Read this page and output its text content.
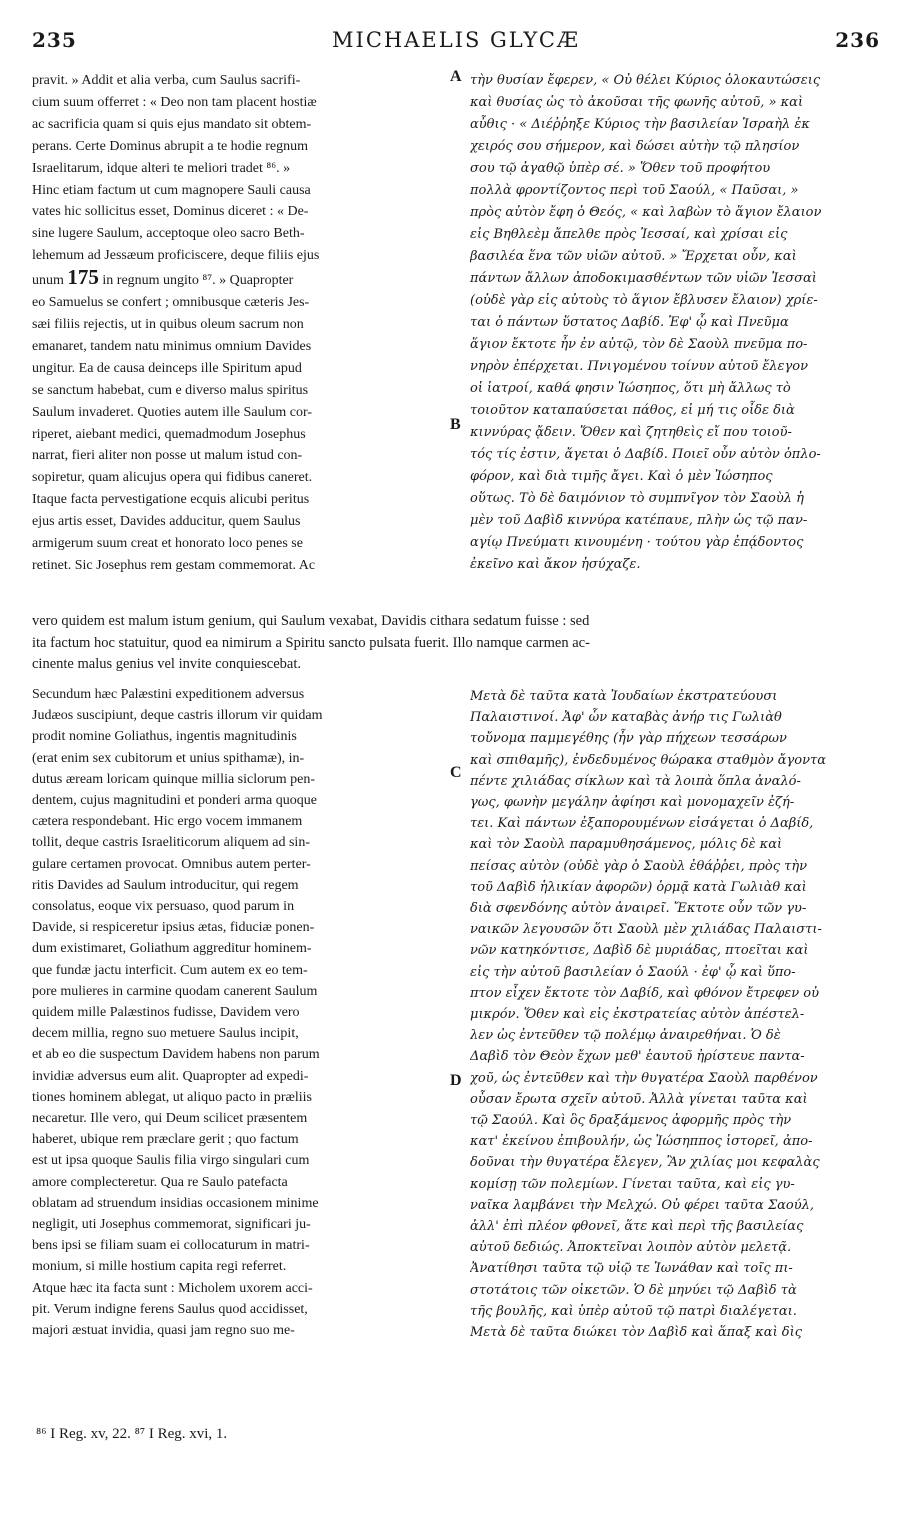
235	MICHAELIS GLYCÆ	236
A
B
C
D
pravit. » Addit et alia verba, cum Saulus sacrifi-
cium suum offerret : « Deo non tam placent hostiæ
ac sacrificia quam si quis ejus mandato sit obtem-
perans. Certe Dominus abrupit a te hodie regnum
Israelitarum, idque alteri te meliori tradet ⁸⁶. »
Hinc etiam factum ut cum magnopere Sauli causa
vates hic sollicitus esset, Dominus diceret : « De-
sine lugere Saulum, acceptoque oleo sacro Beth-
lehemum ad Jessæum proficiscere, deque filiis ejus
unum 175 in regnum ungito ⁸⁷. » Quapropter
eo Samuelus se confert ; omnibusque cæteris Jes-
sæi filiis rejectis, ut in quibus oleum sacrum non
emanaret, tandem natu minimus omnium Davides
ungitur. Ea de causa deinceps ille Spiritum apud
se sanctum habebat, cum e diverso malus spiritus
Saulum invaderet. Quoties autem ille Saulum cor-
riperet, aiebant medici, quemadmodum Josephus
narrat, fieri aliter non posse ut malum istud con-
sopiretur, quam alicujus opera qui fidibus caneret.
Itaque facta pervestigatione ecquis alicubi peritus
ejus artis esset, Davides adducitur, quem Saulus
armigerum suum creat et honorato loco penes se
retinet. Sic Josephus rem gestam commemorat. Ac
τὴν θυσίαν ἔφερεν, « Οὐ θέλει Κύριος ὁλοκαυτώσεις
καὶ θυσίας ὡς τὸ ἀκοῦσαι τῆς φωνῆς αὐτοῦ, » καὶ
αὖθις · « Διέῤῥηξε Κύριος τὴν βασιλείαν Ἰσραὴλ ἐκ
χειρός σου σήμερον, καὶ δώσει αὐτὴν τῷ πλησίον
σου τῷ ἀγαθῷ ὑπὲρ σέ. » Ὅθεν τοῦ προφήτου
πολλὰ φροντίζοντος περὶ τοῦ Σαούλ, « Παῦσαι, »
πρὸς αὐτὸν ἔφη ὁ Θεός, « καὶ λαβὼν τὸ ἅγιον ἔλαιον
εἰς Βηθλεὲμ ἄπελθε πρὸς Ἰεσσαί, καὶ χρίσαι εἰς
βασιλέα ἕνα τῶν υἱῶν αὐτοῦ. » Ἔρχεται οὖν, καὶ
πάντων ἄλλων ἀποδοκιμασθέντων τῶν υἱῶν Ἰεσσαὶ
(οὐδὲ γὰρ εἰς αὐτοὺς τὸ ἅγιον ἔβλυσεν ἔλαιον) χρίε-
ται ὁ πάντων ὕστατος Δαβίδ. Ἐφ' ᾧ καὶ Πνεῦμα
ἅγιον ἔκτοτε ἦν ἐν αὐτῷ, τὸν δὲ Σαοὺλ πνεῦμα πο-
νηρὸν ἐπέρχεται. Πνιγομένου τοίνυν αὐτοῦ ἔλεγον
οἱ ἰατροί, καθά φησιν Ἰώσηπος, ὅτι μὴ ἄλλως τὸ
τοιοῦτον καταπαύσεται πάθος, εἰ μή τις οἶδε διὰ
κιννύρας ᾄδειν. Ὅθεν καὶ ζητηθεὶς εἴ που τοιοῦ-
τός τίς ἐστιν, ἄγεται ὁ Δαβίδ. Ποιεῖ οὖν αὐτὸν ὁπλο-
φόρον, καὶ διὰ τιμῆς ἄγει. Καὶ ὁ μὲν Ἰώσηπος
οὕτως. Τὸ δὲ δαιμόνιον τὸ συμπνῖγον τὸν Σαοὺλ ἡ
μὲν τοῦ Δαβὶδ κιννύρα κατέπαυε, πλὴν ὡς τῷ παν-
αγίῳ Πνεύματι κινουμένη · τούτου γὰρ ἐπᾴδοντος
ἐκεῖνο καὶ ἄκον ἡσύχαζε.
vero quidem est malum istum genium, qui Saulum vexabat, Davidis cithara sedatum fuisse : sed
ita factum hoc statuitur, quod ea nimirum a Spiritu sancto pulsata fuerit. Illo namque carmen ac-
cinente malus genius vel invite conquiescebat.
Secundum hæc Palæstini expeditionem adversus
Judæos suscipiunt, deque castris illorum vir quidam
prodit nomine Goliathus, ingentis magnitudinis
(erat enim sex cubitorum et unius spithamæ), in-
dutus æream loricam quinque millia siclorum pen-
dentem, cujus magnitudini et ponderi arma quoque
cætera respondebant. Hic ergo vocem immanem
tollit, deque castris Israeliticorum aliquem ad sin-
gulare certamen provocat. Omnibus autem perter-
ritis Davides ad Saulum introducitur, qui regem
consolatus, eoque vix persuaso, quod parum in
Davide, si respiceretur ipsius ætas, fiduciæ ponen-
dum existimaret, Goliathum aggreditur hominem-
que fundæ jactu interficit. Cum autem ex eo tem-
pore mulieres in carmine quodam canerent Saulum
quidem mille Palæstinos fudisse, Davidem vero
decem millia, regno suo metuere Saulus incipit,
et ab eo die suspectum Davidem habens non parum
invidiæ adversus eum alit. Quapropter ad expedi-
tiones hominem ablegat, ut aliquo pacto in præliis
necaretur. Ille vero, qui Deum scilicet præsentem
haberet, ubique rem præclare gerit ; quo factum
est ut ipsa quoque Saulis filia virgo singulari cum
amore complecteretur. Qua re Saulo patefacta
oblatam ad struendum insidias occasionem minime
negligit, uti Josephus commemorat, significari ju-
bens ipsi se filiam suam ei collocaturum in matri-
monium, si mille hostium capita regi referret.
Atque hæc ita facta sunt : Micholem uxorem acci-
pit. Verum indigne ferens Saulus quod accidisset,
majori æstuat invidia, quasi jam regno suo me-
Μετὰ δὲ ταῦτα κατὰ Ἰουδαίων ἐκστρατεύουσι
Παλαιστινοί. Ἀφ' ὧν καταβὰς ἀνήρ τις Γωλιὰθ
τοὔνομα παμμεγέθης (ἦν γὰρ πήχεων τεσσάρων
καὶ σπιθαμῆς), ἐνδεδυμένος θώρακα σταθμὸν ἄγοντα
πέντε χιλιάδας σίκλων καὶ τὰ λοιπὰ ὅπλα ἀναλό-
γως, φωνὴν μεγάλην ἀφίησι καὶ μονομαχεῖν ἐζή-
τει. Καὶ πάντων ἐξαπορουμένων εἰσάγεται ὁ Δαβίδ,
καὶ τὸν Σαοὺλ παραμυθησάμενος, μόλις δὲ καὶ
πείσας αὐτὸν (οὐδὲ γὰρ ὁ Σαοὺλ ἐθάῤῥει, πρὸς τὴν
τοῦ Δαβὶδ ἡλικίαν ἀφορῶν) ὁρμᾷ κατὰ Γωλιὰθ καὶ
διὰ σφενδόνης αὐτὸν ἀναιρεῖ. Ἔκτοτε οὖν τῶν γυ-
ναικῶν λεγουσῶν ὅτι Σαοὺλ μὲν χιλιάδας Παλαιστι-
νῶν κατηκόντισε, Δαβὶδ δὲ μυριάδας, πτοεῖται καὶ
εἰς τὴν αὐτοῦ βασιλείαν ὁ Σαούλ · ἐφ' ᾧ καὶ ὕπο-
πτον εἶχεν ἔκτοτε τὸν Δαβίδ, καὶ φθόνον ἔτρεφεν οὐ
μικρόν. Ὅθεν καὶ εἰς ἐκστρατείας αὐτὸν ἀπέστελ-
λεν ὡς ἐντεῦθεν τῷ πολέμῳ ἀναιρεθήναι. Ὁ δὲ
Δαβὶδ τὸν Θεὸν ἔχων μεθ' ἑαυτοῦ ἠρίστευε παντα-
χοῦ, ὡς ἐντεῦθεν καὶ τὴν θυγατέρα Σαοὺλ παρθένον
οὖσαν ἔρωτα σχεῖν αὐτοῦ. Ἀλλὰ γίνεται ταῦτα καὶ
τῷ Σαούλ. Καὶ ὃς δραξάμενος ἀφορμῆς πρὸς τὴν
κατ' ἐκείνου ἐπιβουλήν, ὡς Ἰώσηππος ἱστορεῖ, ἀπο-
δοῦναι τὴν θυγατέρα ἔλεγεν, Ἂν χιλίας μοι κεφαλὰς
κομίσῃ τῶν πολεμίων. Γίνεται ταῦτα, καὶ εἰς γυ-
ναῖκα λαμβάνει τὴν Μελχώ. Οὐ φέρει ταῦτα Σαούλ,
ἀλλ' ἐπὶ πλέον φθονεῖ, ἅτε καὶ περὶ τῆς βασιλείας
αὐτοῦ δεδιώς. Ἀποκτεῖναι λοιπὸν αὐτὸν μελετᾷ.
Ἀνατίθησι ταῦτα τῷ υἱῷ τε Ἰωνάθαν καὶ τοῖς πι-
στοτάτοις τῶν οἰκετῶν. Ὁ δὲ μηνύει τῷ Δαβὶδ τὰ
τῆς βουλῆς, καὶ ὑπὲρ αὐτοῦ τῷ πατρὶ διαλέγεται.
Μετὰ δὲ ταῦτα διώκει τὸν Δαβὶδ καὶ ἅπαξ καὶ δὶς
⁸⁶ I Reg. xv, 22. ⁸⁷ I Reg. xvi, 1.
